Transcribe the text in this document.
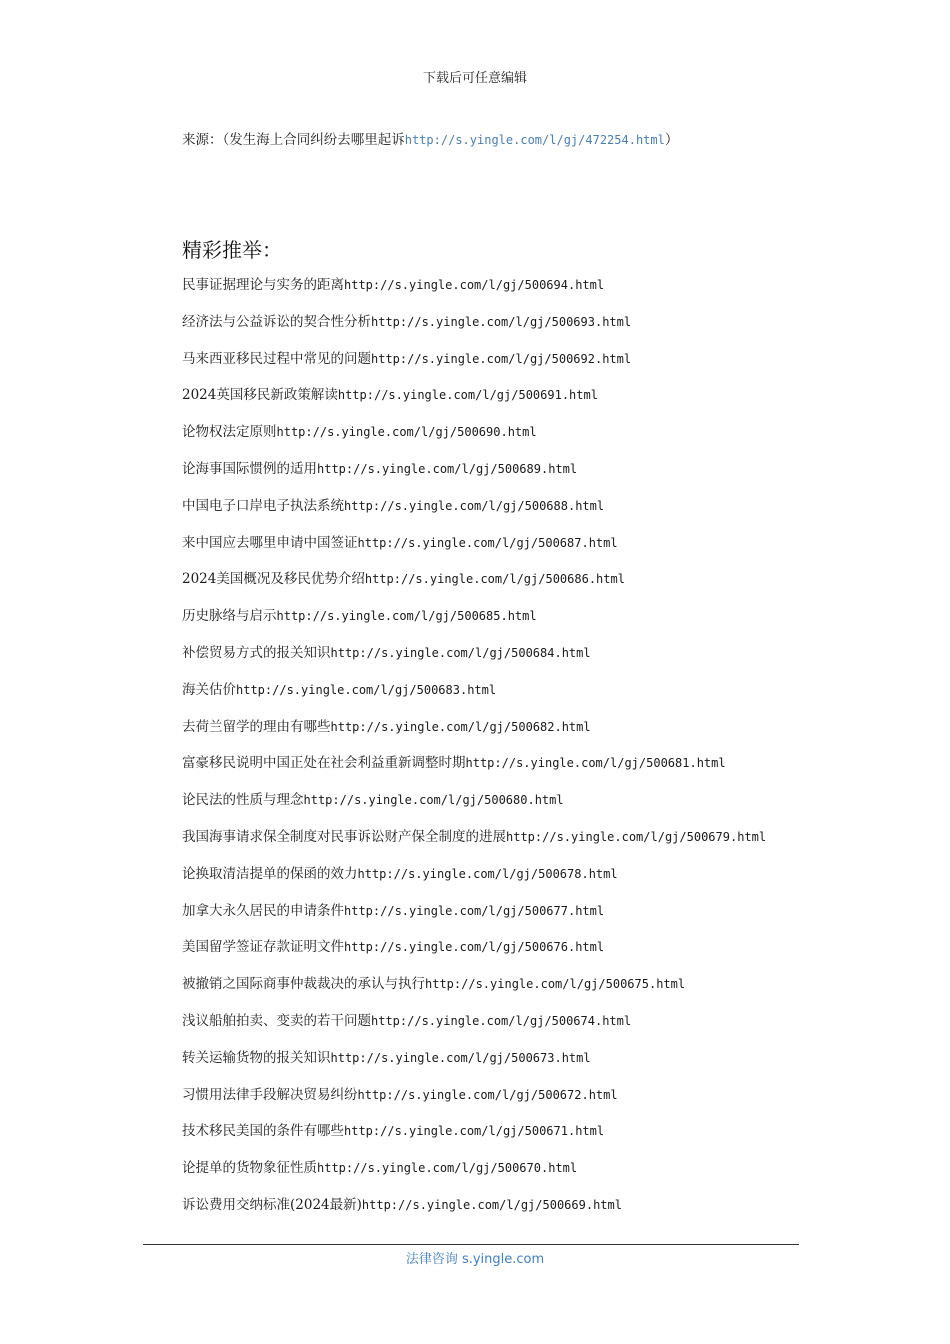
下载后可任意编辑
来源：（发生海上合同纠纷去哪里起诉http://s.yingle.com/l/gj/472254.html）
精彩推举：
民事证据理论与实务的距离http://s.yingle.com/l/gj/500694.html
经济法与公益诉讼的契合性分析http://s.yingle.com/l/gj/500693.html
马来西亚移民过程中常见的问题http://s.yingle.com/l/gj/500692.html
2024英国移民新政策解读http://s.yingle.com/l/gj/500691.html
论物权法定原则http://s.yingle.com/l/gj/500690.html
论海事国际惯例的适用http://s.yingle.com/l/gj/500689.html
中国电子口岸电子执法系统http://s.yingle.com/l/gj/500688.html
来中国应去哪里申请中国签证http://s.yingle.com/l/gj/500687.html
2024美国概况及移民优势介绍http://s.yingle.com/l/gj/500686.html
历史脉络与启示http://s.yingle.com/l/gj/500685.html
补偿贸易方式的报关知识http://s.yingle.com/l/gj/500684.html
海关估价http://s.yingle.com/l/gj/500683.html
去荷兰留学的理由有哪些http://s.yingle.com/l/gj/500682.html
富豪移民说明中国正处在社会利益重新调整时期http://s.yingle.com/l/gj/500681.html
论民法的性质与理念http://s.yingle.com/l/gj/500680.html
我国海事请求保全制度对民事诉讼财产保全制度的进展http://s.yingle.com/l/gj/500679.html
论换取清洁提单的保函的效力http://s.yingle.com/l/gj/500678.html
加拿大永久居民的申请条件http://s.yingle.com/l/gj/500677.html
美国留学签证存款证明文件http://s.yingle.com/l/gj/500676.html
被撤销之国际商事仲裁裁决的承认与执行http://s.yingle.com/l/gj/500675.html
浅议船舶拍卖、变卖的若干问题http://s.yingle.com/l/gj/500674.html
转关运输货物的报关知识http://s.yingle.com/l/gj/500673.html
习惯用法律手段解决贸易纠纷http://s.yingle.com/l/gj/500672.html
技术移民美国的条件有哪些http://s.yingle.com/l/gj/500671.html
论提单的货物象征性质http://s.yingle.com/l/gj/500670.html
诉讼费用交纳标准(2024最新)http://s.yingle.com/l/gj/500669.html
法律咨询 s.yingle.com
